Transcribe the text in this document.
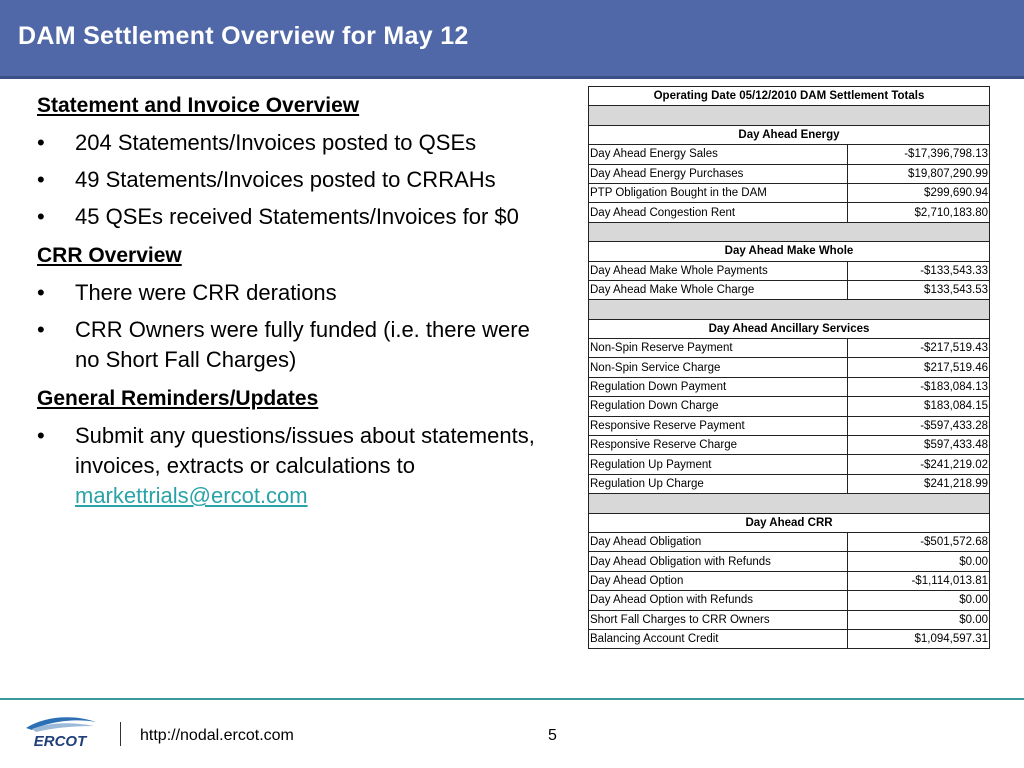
DAM Settlement Overview for May 12
Statement and Invoice Overview
• 204 Statements/Invoices posted to QSEs
• 49 Statements/Invoices posted to CRRAHs
• 45 QSEs received Statements/Invoices for $0
CRR Overview
• There were CRR derations
• CRR Owners were fully funded (i.e. there were no Short Fall Charges)
General Reminders/Updates
• Submit any questions/issues about statements, invoices, extracts or calculations to markettrials@ercot.com
Operating Date 05/12/2010 DAM Settlement Totals	

Day Ahead Energy	
Day Ahead Energy Sales	-$17,396,798.13
Day Ahead Energy Purchases	$19,807,290.99
PTP Obligation Bought in the DAM	$299,690.94
Day Ahead Congestion Rent	$2,710,183.80

Day Ahead Make Whole	
Day Ahead Make Whole Payments	-$133,543.33
Day Ahead Make Whole Charge	$133,543.53

Day Ahead Ancillary Services	
Non-Spin Reserve Payment	-$217,519.43
Non-Spin Service Charge	$217,519.46
Regulation Down Payment	-$183,084.13
Regulation Down Charge	$183,084.15
Responsive Reserve Payment	-$597,433.28
Responsive Reserve Charge	$597,433.48
Regulation Up Payment	-$241,219.02
Regulation Up Charge	$241,218.99

Day Ahead CRR	
Day Ahead Obligation	-$501,572.68
Day Ahead Obligation with Refunds	$0.00
Day Ahead Option	-$1,114,013.81
Day Ahead Option with Refunds	$0.00
Short Fall Charges to CRR Owners	$0.00
Balancing Account Credit	$1,094,597.31
ERCOT	http://nodal.ercot.com	5
